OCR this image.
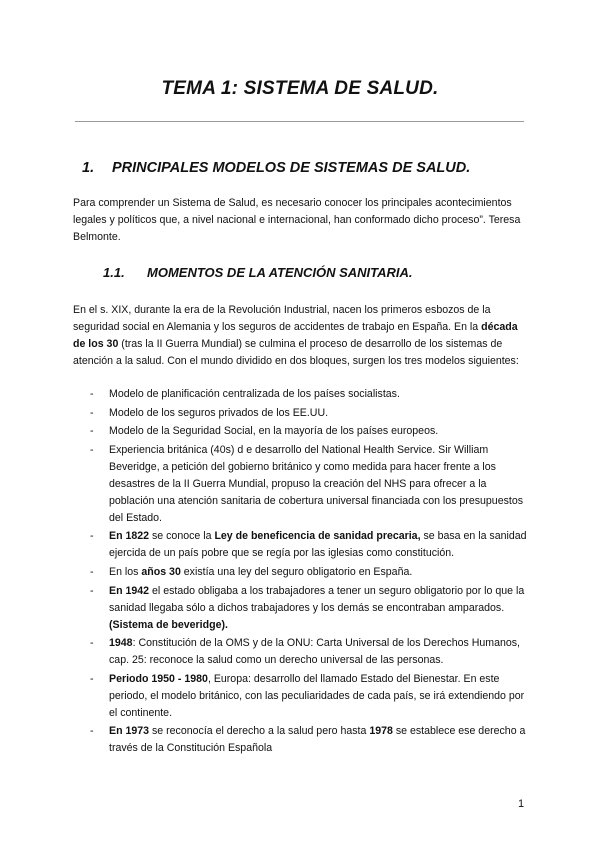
TEMA 1: SISTEMA DE SALUD.
1. PRINCIPALES MODELOS DE SISTEMAS DE SALUD.
Para comprender un Sistema de Salud, es necesario conocer los principales acontecimientos legales y políticos que, a nivel nacional e internacional, han conformado dicho proceso”. Teresa Belmonte.
1.1. MOMENTOS DE LA ATENCIÓN SANITARIA.
En el s. XIX, durante la era de la Revolución Industrial, nacen los primeros esbozos de la seguridad social en Alemania y los seguros de accidentes de trabajo en España. En la década de los 30 (tras la II Guerra Mundial) se culmina el proceso de desarrollo de los sistemas de atención a la salud. Con el mundo dividido en dos bloques, surgen los tres modelos siguientes:
- Modelo de planificación centralizada de los países socialistas.
- Modelo de los seguros privados de los EE.UU.
- Modelo de la Seguridad Social, en la mayoría de los países europeos.
- Experiencia británica (40s) d e desarrollo del National Health Service. Sir William Beveridge, a petición del gobierno británico y como medida para hacer frente a los desastres de la II Guerra Mundial, propuso la creación del NHS para ofrecer a la población una atención sanitaria de cobertura universal financiada con los presupuestos del Estado.
- En 1822 se conoce la Ley de beneficencia de sanidad precaria, se basa en la sanidad ejercida de un país pobre que se regía por las iglesias como constitución.
- En los años 30 existía una ley del seguro obligatorio en España.
- En 1942 el estado obligaba a los trabajadores a tener un seguro obligatorio por lo que la sanidad llegaba sólo a dichos trabajadores y los demás se encontraban amparados. (Sistema de beveridge).
- 1948: Constitución de la OMS y de la ONU: Carta Universal de los Derechos Humanos, cap. 25: reconoce la salud como un derecho universal de las personas.
- Periodo 1950 - 1980, Europa: desarrollo del llamado Estado del Bienestar. En este periodo, el modelo británico, con las peculiaridades de cada país, se irá extendiendo por el continente.
- En 1973 se reconocía el derecho a la salud pero hasta 1978 se establece ese derecho a través de la Constitución Española
1
